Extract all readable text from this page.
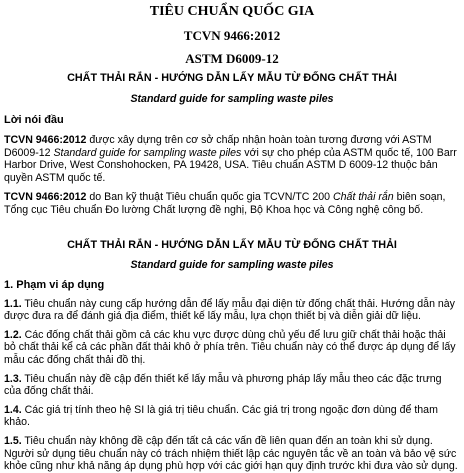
TIÊU CHUẨN QUỐC GIA
TCVN 9466:2012
ASTM D6009-12
CHẤT THẢI RẮN - HƯỚNG DẪN LẤY MẪU TỪ ĐỐNG CHẤT THẢI
Standard guide for sampling waste piles
Lời nói đầu

TCVN 9466:2012 được xây dựng trên cơ sở chấp nhận hoàn toàn tương đương với ASTM D6009-12 Standard guide for sampling waste piles với sự cho phép của ASTM quốc tế, 100 Barr Harbor Drive, West Conshohocken, PA 19428, USA. Tiêu chuẩn ASTM D 6009-12 thuộc bản quyền ASTM quốc tế.

TCVN 9466:2012 do Ban kỹ thuật Tiêu chuẩn quốc gia TCVN/TC 200 Chất thải rắn biên soạn, Tổng cục Tiêu chuẩn Đo lường Chất lượng đề nghị, Bộ Khoa học và Công nghệ công bố.

CHẤT THẢI RẮN - HƯỚNG DẪN LẤY MẪU TỪ ĐỐNG CHẤT THẢI
Standard guide for sampling waste piles
1. Phạm vi áp dụng

1.1. Tiêu chuẩn này cung cấp hướng dẫn để lấy mẫu đại diện từ đống chất thải. Hướng dẫn này được đưa ra để đánh giá địa điểm, thiết kế lấy mẫu, lựa chọn thiết bị và diễn giải dữ liệu.

1.2. Các đống chất thải gồm cả các khu vực được dùng chủ yếu để lưu giữ chất thải hoặc thải bỏ chất thải kể cả các phần đất thải khô ở phía trên. Tiêu chuẩn này có thể được áp dụng để lấy mẫu các đống chất thải đồ thị.

1.3. Tiêu chuẩn này đề cập đến thiết kế lấy mẫu và phương pháp lấy mẫu theo các đặc trưng của đống chất thải.

1.4. Các giá trị tính theo hệ SI là giá trị tiêu chuẩn. Các giá trị trong ngoặc đơn dùng để tham khảo.

1.5. Tiêu chuẩn này không đề cập đến tất cả các vấn đề liên quan đến an toàn khi sử dụng. Người sử dụng tiêu chuẩn này có trách nhiệm thiết lập các nguyên tắc về an toàn và bảo vệ sức khỏe cũng như khả năng áp dụng phù hợp với các giới hạn quy định trước khi đưa vào sử dụng.
